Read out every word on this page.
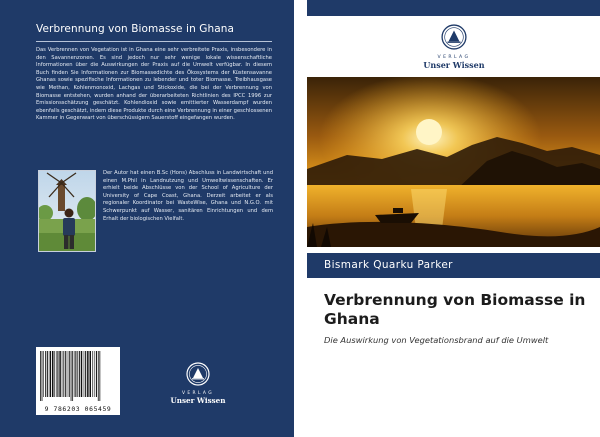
Verbrennung von Biomasse in Ghana

Das Verbrennen von Vegetation ist in Ghana eine sehr verbreitete Praxis, insbesondere in den Savannenzonen. Es sind jedoch nur sehr wenige lokale wissenschaftliche Informationen über die Auswirkungen der Praxis auf die Umwelt verfügbar. In diesem Buch finden Sie Informationen zur Biomassedichte des Ökosystems der Küstensavanne Ghanas sowie spezifische Informationen zu lebender und toter Biomasse. Treibhausgase wie Methan, Kohlenmonoxid, Lachgas und Stickoxide, die bei der Verbrennung von Biomasse entstehen, wurden anhand der überarbeiteten Richtlinien des IPCC 1996 zur Emissionsschätzung geschätzt. Kohlendioxid sowie emittierter Wasserdampf wurden ebenfalls geschätzt, indem diese Produkte durch eine Verbrennung in einer geschlossenen Kammer in Gegenwart von überschüssigem Sauerstoff eingefangen wurden.

Der Autor hat einen B.Sc (Hons) Abschluss in Landwirtschaft und einen M.Phil in Landnutzung und Umweltwissenschaften. Er erhielt beide Abschlüsse von der School of Agriculture der University of Cape Coast, Ghana. Derzeit arbeitet er als regionaler Koordinator bei WasteWise, Ghana und N.G.O. mit Schwerpunkt auf Wasser, sanitären Einrichtungen und dem Erhalt der biologischen Vielfalt.

9 786203 065459
VERLAG
Unser Wissen
VERLAG
Unser Wissen
Bismark Quarku Parker
Verbrennung von Biomasse in Ghana
Die Auswirkung von Vegetationsbrand auf die Umwelt
